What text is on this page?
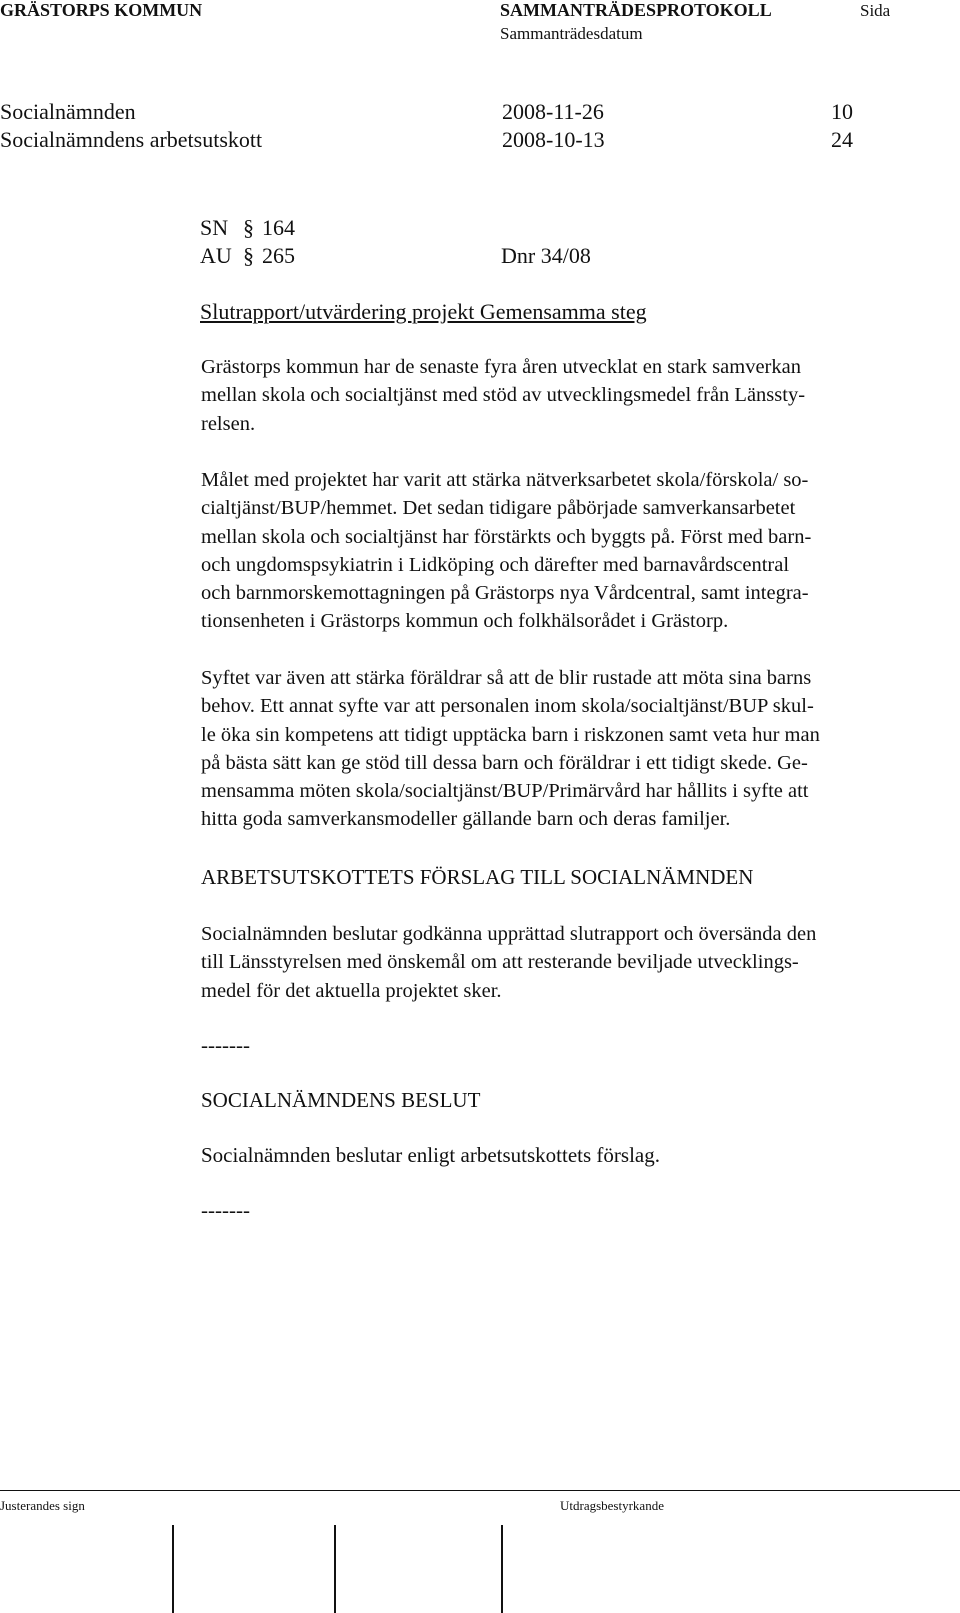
GRÄSTORPS KOMMUN	SAMMANTRÄDESPROTOKOLL	Sida
Sammanträdesdatum
Socialnämnden	2008-11-26	10
Socialnämndens arbetsutskott	2008-10-13	24
SN § 164
AU § 265	Dnr 34/08
Slutrapport/utvärdering projekt Gemensamma steg
Grästorps kommun har de senaste fyra åren utvecklat en stark samverkan
mellan skola och socialtjänst med stöd av utvecklingsmedel från Länssty-
relsen.
Målet med projektet har varit att stärka nätverksarbetet skola/förskola/ so-
cialtjänst/BUP/hemmet. Det sedan tidigare påbörjade samverkansarbetet
mellan skola och socialtjänst har förstärkts och byggts på. Först med barn-
och ungdomspsykiatrin i Lidköping och därefter med barnavårdscentral
och barnmorskemottagningen på Grästorps nya Vårdcentral, samt integra-
tionsenheten i Grästorps kommun och folkhälsorådet i Grästorp.
Syftet var även att stärka föräldrar så att de blir rustade att möta sina barns
behov. Ett annat syfte var att personalen inom skola/socialtjänst/BUP skul-
le öka sin kompetens att tidigt upptäcka barn i riskzonen samt veta hur man
på bästa sätt kan ge stöd till dessa barn och föräldrar i ett tidigt skede. Ge-
mensamma möten skola/socialtjänst/BUP/Primärvård har hållits i syfte att
hitta goda samverkansmodeller gällande barn och deras familjer.
ARBETSUTSKOTTETS FÖRSLAG TILL SOCIALNÄMNDEN
Socialnämnden beslutar godkänna upprättad slutrapport och översända den
till Länsstyrelsen med önskemål om att resterande beviljade utvecklings-
medel för det aktuella projektet sker.
-------
SOCIALNÄMNDENS BESLUT
Socialnämnden beslutar enligt arbetsutskottets förslag.
-------
Justerandes sign	Utdragsbestyrkande
